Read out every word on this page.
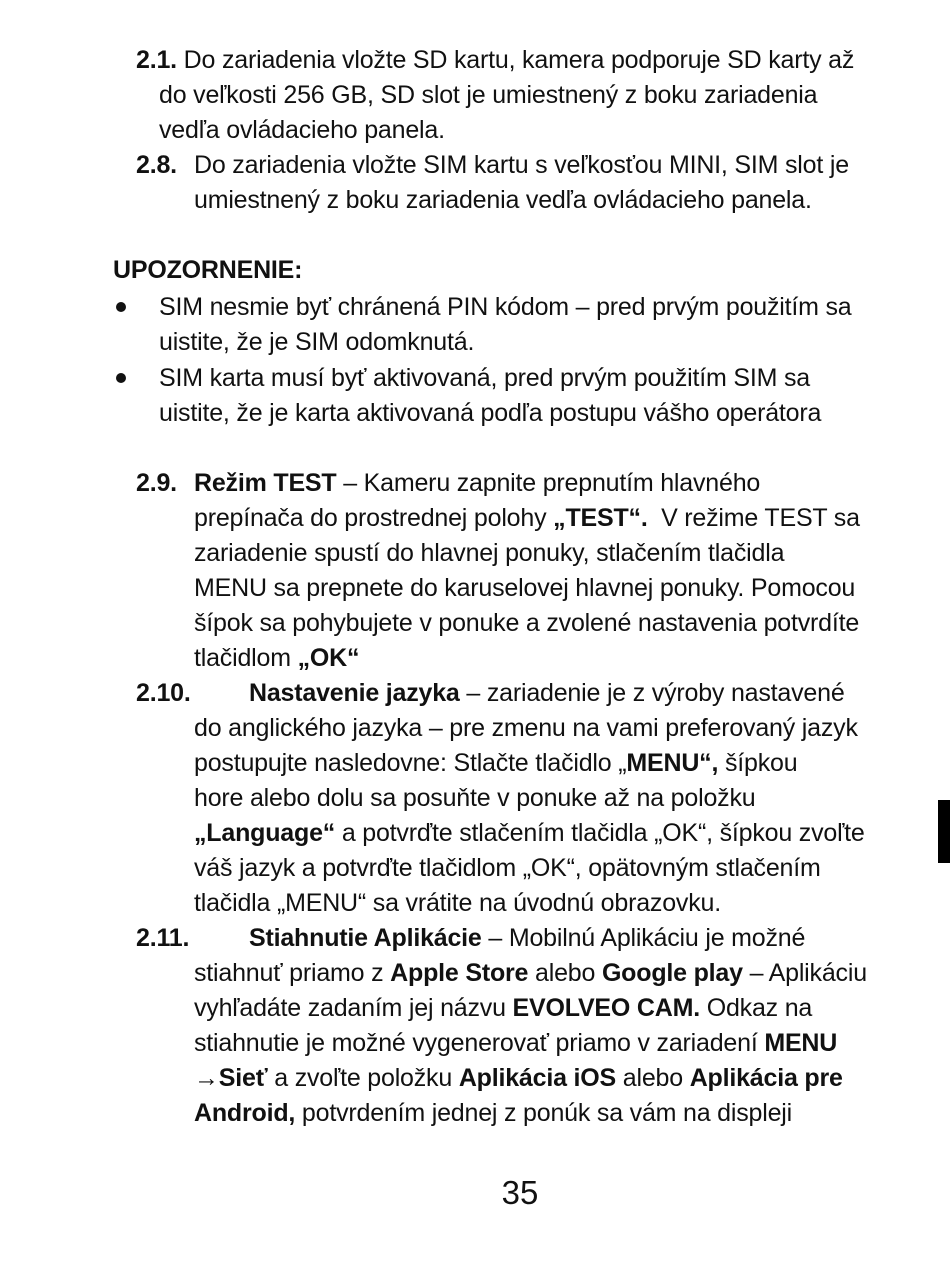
2.1. Do zariadenia vložte SD kartu, kamera podporuje SD karty až
do veľkosti 256 GB, SD slot je umiestnený z boku zariadenia
vedľa ovládacieho panela.
2.8. Do zariadenia vložte SIM kartu s veľkosťou MINI, SIM slot je
umiestnený z boku zariadenia vedľa ovládacieho panela.
UPOZORNENIE:
SIM nesmie byť chránená PIN kódom – pred prvým použitím sa
uistite, že je SIM odomknutá.
SIM karta musí byť aktivovaná, pred prvým použitím SIM sa
uistite, že je karta aktivovaná podľa postupu vášho operátora
2.9. Režim TEST – Kameru zapnite prepnutím hlavného
prepínača do prostrednej polohy „TEST“.  V režime TEST sa
zariadenie spustí do hlavnej ponuky, stlačením tlačidla
MENU sa prepnete do karuselovej hlavnej ponuky. Pomocou
šípok sa pohybujete v ponuke a zvolené nastavenia potvrdíte
tlačidlom „OK“
2.10. Nastavenie jazyka – zariadenie je z výroby nastavené
do anglického jazyka – pre zmenu na vami preferovaný jazyk
postupujte nasledovne: Stlačte tlačidlo „MENU“, šípkou
hore alebo dolu sa posuňte v ponuke až na položku
„Language“ a potvrďte stlačením tlačidla „OK“, šípkou zvoľte
váš jazyk a potvrďte tlačidlom „OK“, opätovným stlačením
tlačidla „MENU“ sa vrátite na úvodnú obrazovku.
2.11. Stiahnutie Aplikácie – Mobilnú Aplikáciu je možné
stiahnuť priamo z Apple Store alebo Google play – Aplikáciu
vyhľadáte zadaním jej názvu EVOLVEO CAM. Odkaz na
stiahnutie je možné vygenerovať priamo v zariadení MENU
→Sieť a zvoľte položku Aplikácia iOS alebo Aplikácia pre
Android, potvrdením jednej z ponúk sa vám na displeji
35
